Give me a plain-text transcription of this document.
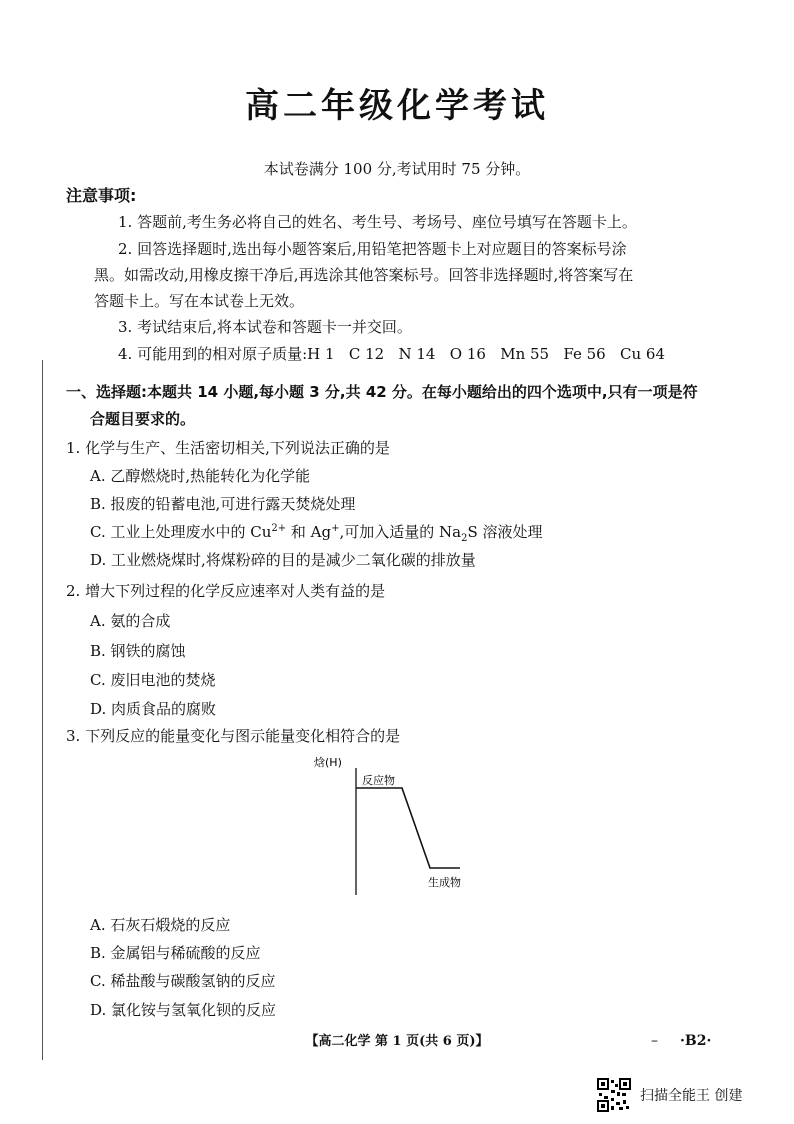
高二年级化学考试
本试卷满分 100 分,考试用时 75 分钟。
注意事项:
1. 答题前,考生务必将自己的姓名、考生号、考场号、座位号填写在答题卡上。
2. 回答选择题时,选出每小题答案后,用铅笔把答题卡上对应题目的答案标号涂
黑。如需改动,用橡皮擦干净后,再选涂其他答案标号。回答非选择题时,将答案写在
答题卡上。写在本试卷上无效。
3. 考试结束后,将本试卷和答题卡一并交回。
4. 可能用到的相对原子质量:H 1   C 12   N 14   O 16   Mn 55   Fe 56   Cu 64
一、选择题:本题共 14 小题,每小题 3 分,共 42 分。在每小题给出的四个选项中,只有一项是符
合题目要求的。
1. 化学与生产、生活密切相关,下列说法正确的是
A. 乙醇燃烧时,热能转化为化学能
B. 报废的铅蓄电池,可进行露天焚烧处理
C. 工业上处理废水中的 $Cu^{2+}$ 和 Ag+,可加入适量的 $Na_2S$ 溶液处理
D. 工业燃烧煤时,将煤粉碎的目的是减少二氧化碳的排放量
2. 增大下列过程的化学反应速率对人类有益的是
A. 氨的合成
B. 钢铁的腐蚀
C. 废旧电池的焚烧
D. 肉质食品的腐败
3. 下列反应的能量变化与图示能量变化相符合的是
焓(H)
反应物
生成物
A. 石灰石煅烧的反应
B. 金属铝与稀硫酸的反应
C. 稀盐酸与碳酸氢钠的反应
D. 氯化铵与氢氧化钡的反应
【高二化学 第 1 页(共 6 页)】	– ·B2·
扫描全能王 创建
